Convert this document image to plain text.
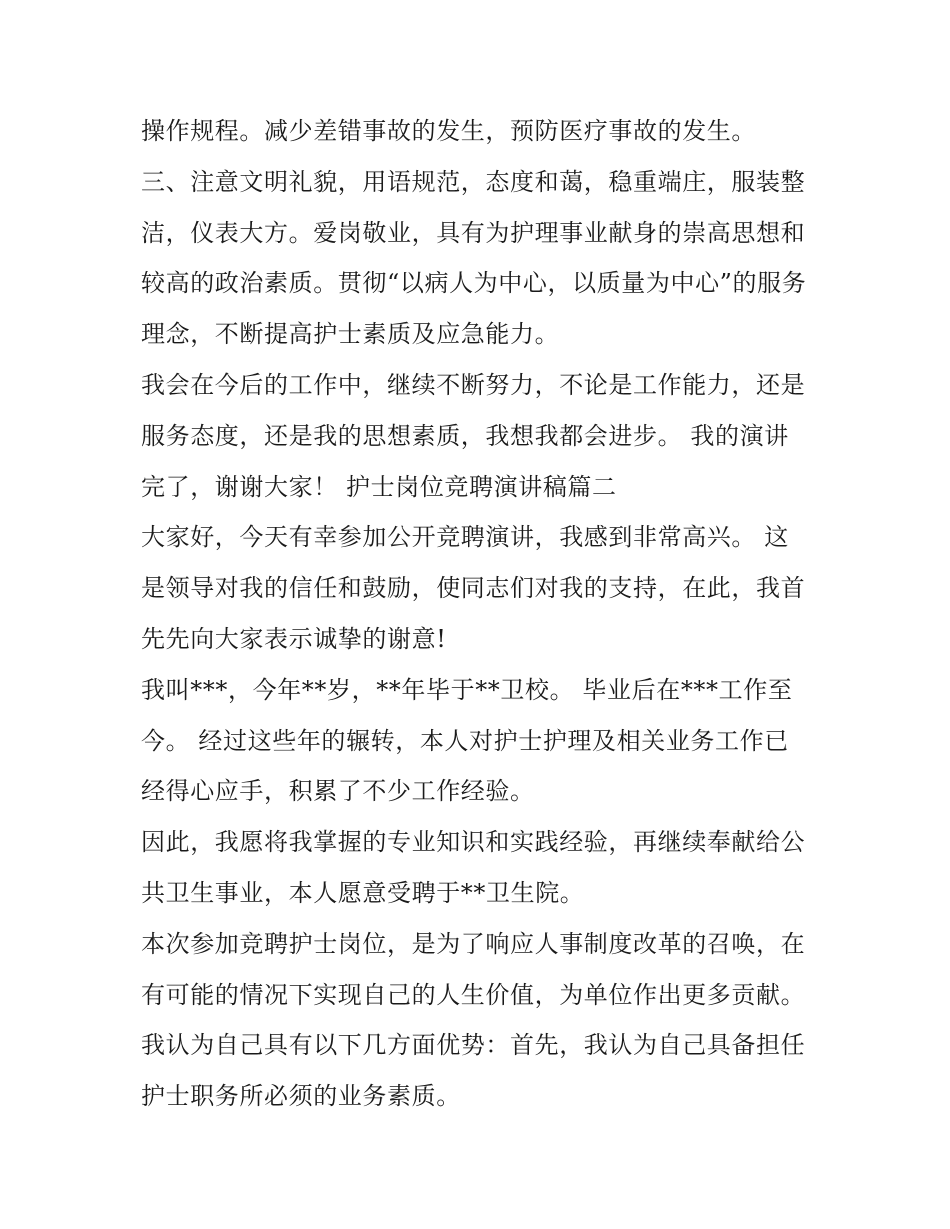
操作规程。减少差错事故的发生，预防医疗事故的发生。
三、注意文明礼貌，用语规范，态度和蔼，稳重端庄，服装整
洁，仪表大方。爱岗敬业，具有为护理事业献身的崇高思想和
较高的政治素质。贯彻“以病人为中心，以质量为中心”的服务
理念，不断提高护士素质及应急能力。
我会在今后的工作中，继续不断努力，不论是工作能力，还是
服务态度，还是我的思想素质，我想我都会进步。 我的演讲
完了，谢谢大家！ 护士岗位竞聘演讲稿篇二
大家好，今天有幸参加公开竞聘演讲，我感到非常高兴。 这
是领导对我的信任和鼓励，使同志们对我的支持，在此，我首
先先向大家表示诚挚的谢意!
我叫***，今年**岁，**年毕于**卫校。 毕业后在***工作至
今。 经过这些年的辗转，本人对护士护理及相关业务工作已
经得心应手，积累了不少工作经验。
因此，我愿将我掌握的专业知识和实践经验，再继续奉献给公
共卫生事业，本人愿意受聘于**卫生院。
本次参加竞聘护士岗位，是为了响应人事制度改革的召唤，在
有可能的情况下实现自己的人生价值，为单位作出更多贡献。
我认为自己具有以下几方面优势：首先，我认为自己具备担任
护士职务所必须的业务素质。
